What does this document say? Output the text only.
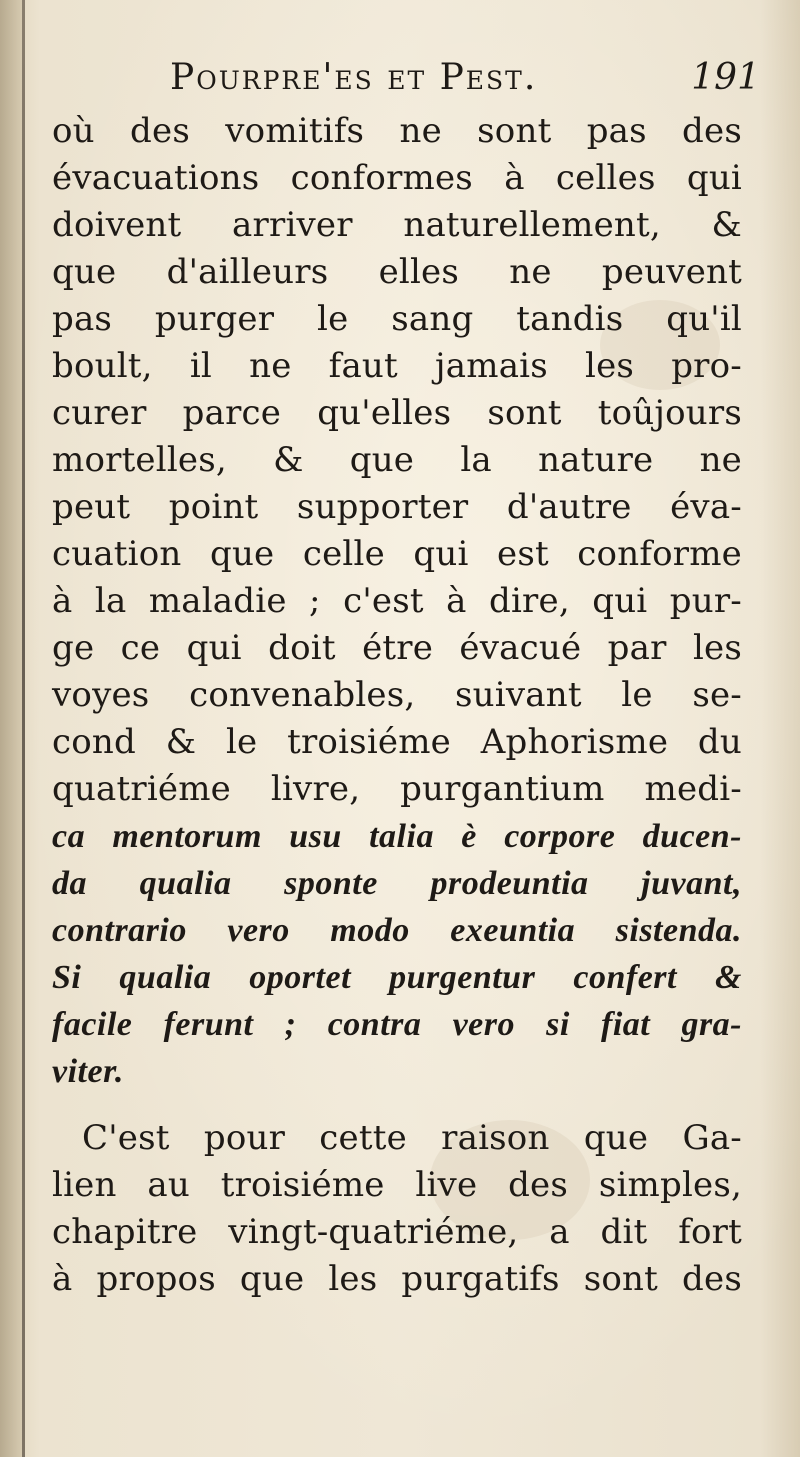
Pourpre'es et Pest.	191
où des vomitifs ne sont pas des
évacuations conformes à celles qui
doivent arriver naturellement, &
que d'ailleurs elles ne peuvent
pas purger le sang tandis qu'il
boult, il ne faut jamais les pro-
curer parce qu'elles sont toûjours
mortelles, & que la nature ne
peut point supporter d'autre éva-
cuation que celle qui est conforme
à la maladie ; c'est à dire, qui pur-
ge ce qui doit étre évacué par les
voyes convenables, suivant le se-
cond & le troisiéme Aphorisme du
quatriéme livre, purgantium medi-
ca mentorum usu talia è corpore ducen-
da qualia sponte prodeuntia juvant,
contrario vero modo exeuntia sistenda.
Si qualia oportet purgentur confert &
facile ferunt ; contra vero si fiat gra-
viter.
C'est pour cette raison que Ga-
lien au troisiéme live des simples,
chapitre vingt-quatriéme, a dit fort
à propos que les purgatifs sont des
